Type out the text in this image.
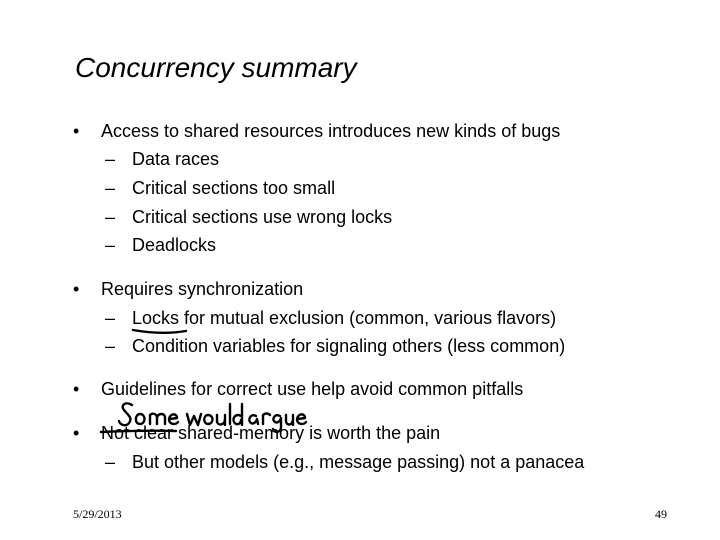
Concurrency summary
• Access to shared resources introduces new kinds of bugs
– Data races
– Critical sections too small
– Critical sections use wrong locks
– Deadlocks
• Requires synchronization
– Locks for mutual exclusion (common, various flavors)
– Condition variables for signaling others (less common)
• Guidelines for correct use help avoid common pitfalls
• Not clear shared-memory is worth the pain
– But other models (e.g., message passing) not a panacea
5/29/2013	49
